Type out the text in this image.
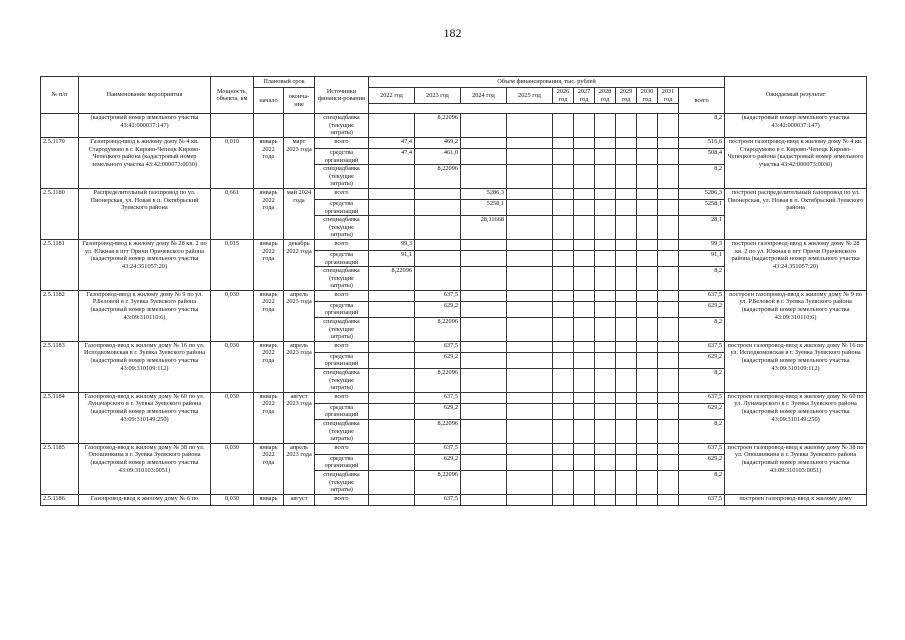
182
№ п/п	Наименование мероприятия	Мощность, объекта, км	Плановый срок		Источники финанси-рования	Объем финансирования, тыс. рублей											Ожидаемый результат
			начало	оконча-ние		2022 год	2023 год	2024 год	2025 год	2026 год	2027 год	2028 год	2029 год	2030 год	2031 год	всего	

	(кадастровый номер земельного участка 43:42:000037:147)				спецнадбавка (текущие затраты)		8,22096									8,2	(кадастровый номер земельного участка 43:42:000037:147)
2.5.1179	Газопровод-ввод к жилому дому № 4 кв. Стародумово в г. Кирово-Чепецк Кирово-Чепецкого района (кадастровый номер земельного участка 43:42:000073:0030)	0,010	январь 2022 года	март 2023 года	всего	47,4	469,2									516,6	построен газопровод-ввод к жилому дому № 4 кв. Стародумово в г. Кирово-Чепецк Кирово-Чепецкого района (кадастровый номер земельного участка 43:42:000073:0030)
					средства организаций	47,4	461,0									508,4	
					спецнадбавка (текущие затраты)		8,22096									8,2	
2.5.1180	Распределительный газопровод по ул. Пионерская, ул. Новая в п. Октябрьский Зуевского района	0,661	январь 2022 года	май 2024 года	всего			5286,3								5286,3	построен распределительный газопровод по ул. Пионерская, ул. Новая в п. Октябрьский Зуевского района
					средства организаций			5258,1								5258,1	
					спецнадбавка (текущие затраты)			28,11668								28,1	
2.5.1181	Газопровод-ввод к жилому дому № 28 кв. 2 по ул. Южная в пгт Оричи Оричевского района (кадастровый номер земельного участка 43:24:351057:20)	0,015	январь 2022 года	декабрь 2022 года	всего	99,3										99,3	построен газопровод-ввод к жилому дому № 28 кв. 2 по ул. Южная в пгт Оричи Оричевского района (кадастровый номер земельного участка 43:24:351057:20)
					средства организаций	91,1										91,1	
					спецнадбавка (текущие затраты)	8,22096										8,2	
2.5.1182	Газопровод-ввод к жилому дому № 9 по ул. Р.Беловой в г. Зуевка Зуевского района (кадастровый номер земельного участка 43:09:310110:6)	0,030	январь 2022 года	апрель 2023 года	всего		637,5									637,5	построен газопровод-ввод к жилому дому № 9 по ул. Р.Беловой в г. Зуевка Зуевского района (кадастровый номер земельного участка 43:09:310110:6)
					средства организаций		629,2									629,2	
					спецнадбавка (текущие затраты)		8,22096									8,2	
2.5.1183	Газопровод-ввод к жилому дому № 16 по ул. Исподкомовская в г. Зуевка Зуевского района (кадастровый номер земельного участка 43:09:310109:112)	0,030	январь 2022 года	апрель 2023 года	всего		637,5									637,5	построен газопровод-ввод к жилому дому № 16 по ул. Исподкомовская в г. Зуевка Зуевского района (кадастровый номер земельного участка 43:09:310109:112)
					средства организаций		629,2									629,2	
					спецнадбавка (текущие затраты)		8,22096									8,2	
2.5.1184	Газопровод-ввод к жилому дому № 60 по ул. Луначарского в г. Зуевка Зуевского района (кадастровый номер земельного участка 43:09:310149:250)	0,030	январь 2022 года	август 2023 года	всего		637,5									637,5	построен газопровод-ввод к жилому дому № 60 по ул. Луначарского в г. Зуевка Зуевского района (кадастровый номер земельного участка 43:09:310149:250)
					средства организаций		629,2									629,2	
					спецнадбавка (текущие затраты)		8,22096									8,2	
2.5.1185	Газопровод-ввод к жилому дому № 38 по ул. Опошинкина в г. Зуевка Зуевского района (кадастровый номер земельного участка 43:09:310103:0051)	0,030	январь 2022 года	апрель 2023 года	всего		637,5									637,5	построен газопровод-ввод к жилому дому № 38 по ул. Опошинкина в г. Зуевка Зуевского района (кадастровый номер земельного участка 43:09:310103:0051)
					средства организаций		629,2									629,2	
					спецнадбавка (текущие затраты)		8,22096									8,2	
2.5.1186	Газопровод-ввод к жилому дому № 6 по	0,030	январь	август	всего		637,5									637,5	построен газопровод-ввод к жилому дому
